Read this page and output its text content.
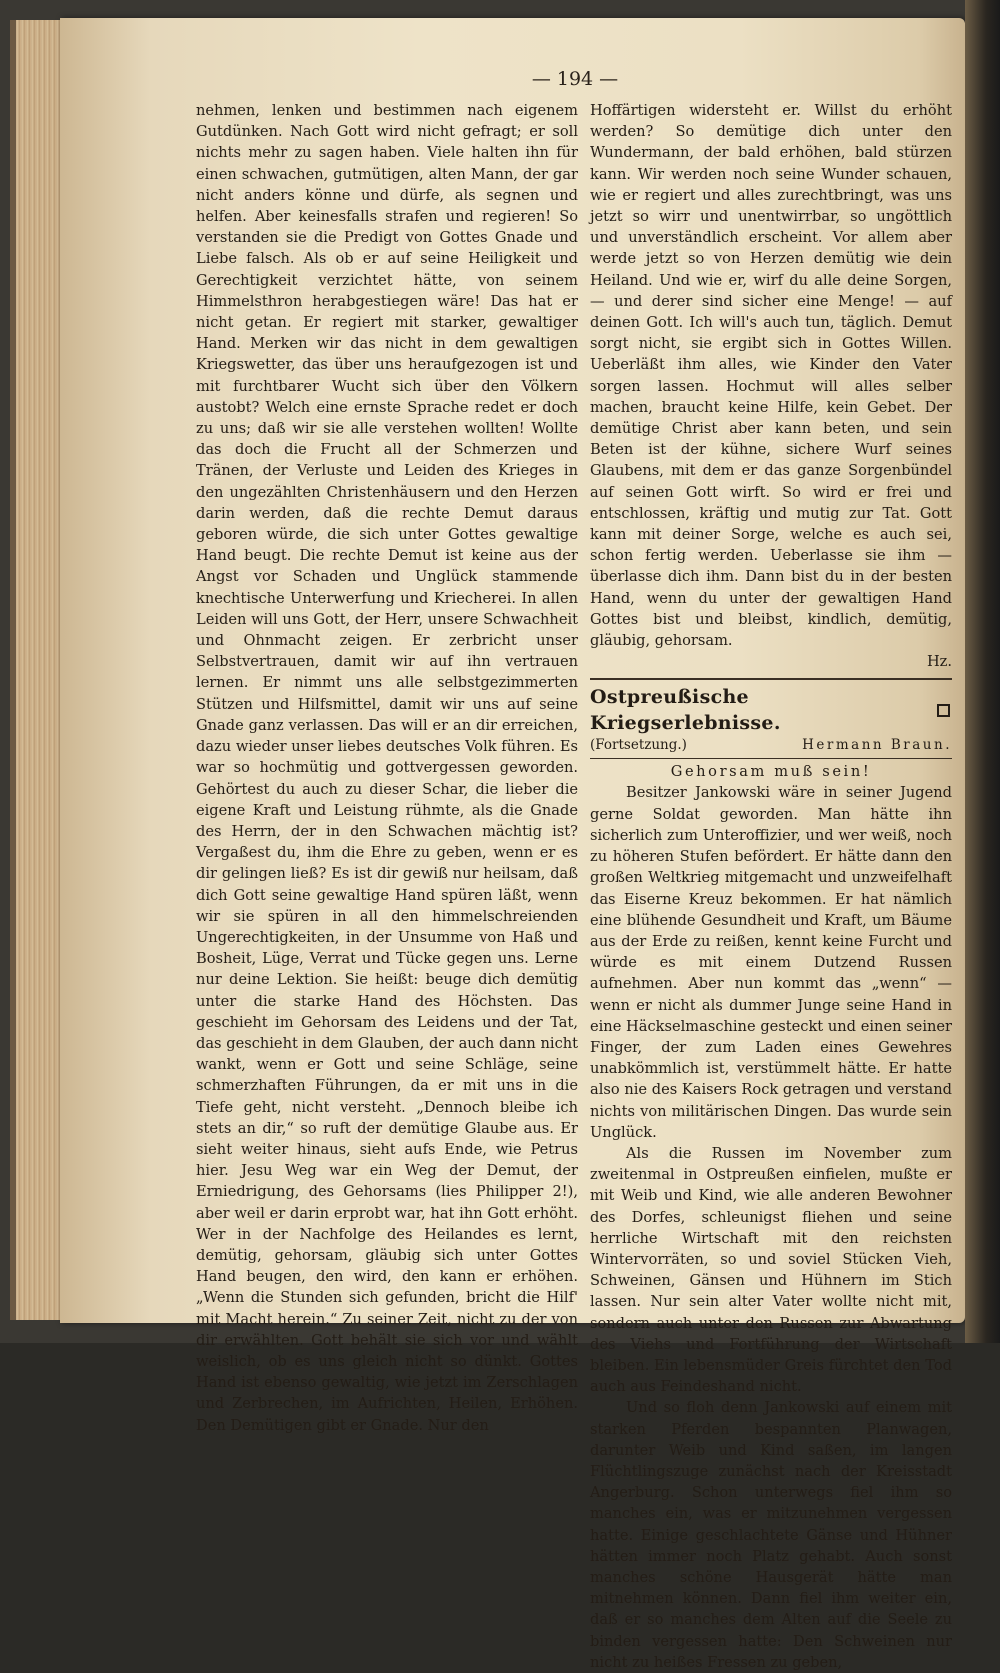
— 194 —

nehmen, lenken und bestimmen nach eigenem Gutdünken. Nach Gott wird nicht gefragt; er soll nichts mehr zu sagen haben. Viele halten ihn für einen schwachen, gutmütigen, alten Mann, der gar nicht anders könne und dürfe, als segnen und helfen. Aber keinesfalls strafen und regieren! So verstanden sie die Predigt von Gottes Gnade und Liebe falsch. Als ob er auf seine Heiligkeit und Gerechtigkeit verzichtet hätte, von seinem Himmelsthron herabgestiegen wäre! Das hat er nicht getan. Er regiert mit starker, gewaltiger Hand. Merken wir das nicht in dem gewaltigen Kriegswetter, das über uns heraufgezogen ist und mit furchtbarer Wucht sich über den Völkern austobt? Welch eine ernste Sprache redet er doch zu uns; daß wir sie alle verstehen wollten! Wollte das doch die Frucht all der Schmerzen und Tränen, der Verluste und Leiden des Krieges in den ungezählten Christenhäusern und den Herzen darin werden, daß die rechte Demut daraus geboren würde, die sich unter Gottes gewaltige Hand beugt. Die rechte Demut ist keine aus der Angst vor Schaden und Unglück stammende knechtische Unterwerfung und Kriecherei. In allen Leiden will uns Gott, der Herr, unsere Schwachheit und Ohnmacht zeigen. Er zerbricht unser Selbstvertrauen, damit wir auf ihn vertrauen lernen. Er nimmt uns alle selbstgezimmerten Stützen und Hilfsmittel, damit wir uns auf seine Gnade ganz verlassen. Das will er an dir erreichen, dazu wieder unser liebes deutsches Volk führen. Es war so hochmütig und gottvergessen geworden. Gehörtest du auch zu dieser Schar, die lieber die eigene Kraft und Leistung rühmte, als die Gnade des Herrn, der in den Schwachen mächtig ist? Vergaßest du, ihm die Ehre zu geben, wenn er es dir gelingen ließ? Es ist dir gewiß nur heilsam, daß dich Gott seine gewaltige Hand spüren läßt, wenn wir sie spüren in all den himmelschreienden Ungerechtigkeiten, in der Unsumme von Haß und Bosheit, Lüge, Verrat und Tücke gegen uns. Lerne nur deine Lektion. Sie heißt: beuge dich demütig unter die starke Hand des Höchsten. Das geschieht im Gehorsam des Leidens und der Tat, das geschieht in dem Glauben, der auch dann nicht wankt, wenn er Gott und seine Schläge, seine schmerzhaften Führungen, da er mit uns in die Tiefe geht, nicht versteht. „Dennoch bleibe ich stets an dir,“ so ruft der demütige Glaube aus. Er sieht weiter hinaus, sieht aufs Ende, wie Petrus hier. Jesu Weg war ein Weg der Demut, der Erniedrigung, des Gehorsams (lies Philipper 2!), aber weil er darin erprobt war, hat ihn Gott erhöht. Wer in der Nachfolge des Heilandes es lernt, demütig, gehorsam, gläubig sich unter Gottes Hand beugen, den wird, den kann er erhöhen. „Wenn die Stunden sich gefunden, bricht die Hilf' mit Macht herein.“ Zu seiner Zeit, nicht zu der von dir erwählten. Gott behält sie sich vor und wählt weislich, ob es uns gleich nicht so dünkt. Gottes Hand ist ebenso gewaltig, wie jetzt im Zerschlagen und Zerbrechen, im Aufrichten, Heilen, Erhöhen. Den Demütigen gibt er Gnade. Nur den

Hoffärtigen widersteht er. Willst du erhöht werden? So demütige dich unter den Wundermann, der bald erhöhen, bald stürzen kann. Wir werden noch seine Wunder schauen, wie er regiert und alles zurechtbringt, was uns jetzt so wirr und unentwirrbar, so ungöttlich und unverständlich erscheint. Vor allem aber werde jetzt so von Herzen demütig wie dein Heiland. Und wie er, wirf du alle deine Sorgen, — und derer sind sicher eine Menge! — auf deinen Gott. Ich will's auch tun, täglich. Demut sorgt nicht, sie ergibt sich in Gottes Willen. Ueberläßt ihm alles, wie Kinder den Vater sorgen lassen. Hochmut will alles selber machen, braucht keine Hilfe, kein Gebet. Der demütige Christ aber kann beten, und sein Beten ist der kühne, sichere Wurf seines Glaubens, mit dem er das ganze Sorgenbündel auf seinen Gott wirft. So wird er frei und entschlossen, kräftig und mutig zur Tat. Gott kann mit deiner Sorge, welche es auch sei, schon fertig werden. Ueberlasse sie ihm — überlasse dich ihm. Dann bist du in der besten Hand, wenn du unter der gewaltigen Hand Gottes bist und bleibst, kindlich, demütig, gläubig, gehorsam.

Hz.
Ostpreußische Kriegserlebnisse.
(Fortsetzung.)	Hermann Braun.
Gehorsam muß sein!

Besitzer Jankowski wäre in seiner Jugend gerne Soldat geworden. Man hätte ihn sicherlich zum Unteroffizier, und wer weiß, noch zu höheren Stufen befördert. Er hätte dann den großen Weltkrieg mitgemacht und unzweifelhaft das Eiserne Kreuz bekommen. Er hat nämlich eine blühende Gesundheit und Kraft, um Bäume aus der Erde zu reißen, kennt keine Furcht und würde es mit einem Dutzend Russen aufnehmen. Aber nun kommt das „wenn“ — wenn er nicht als dummer Junge seine Hand in eine Häckselmaschine gesteckt und einen seiner Finger, der zum Laden eines Gewehres unabkömmlich ist, verstümmelt hätte. Er hatte also nie des Kaisers Rock getragen und verstand nichts von militärischen Dingen. Das wurde sein Unglück.

Als die Russen im November zum zweitenmal in Ostpreußen einfielen, mußte er mit Weib und Kind, wie alle anderen Bewohner des Dorfes, schleunigst fliehen und seine herrliche Wirtschaft mit den reichsten Wintervorräten, so und soviel Stücken Vieh, Schweinen, Gänsen und Hühnern im Stich lassen. Nur sein alter Vater wollte nicht mit, sondern auch unter den Russen zur Abwartung des Viehs und Fortführung der Wirtschaft bleiben. Ein lebensmüder Greis fürchtet den Tod auch aus Feindeshand nicht.

Und so floh denn Jankowski auf einem mit starken Pferden bespannten Planwagen, darunter Weib und Kind saßen, im langen Flüchtlingszuge zunächst nach der Kreisstadt Angerburg. Schon unterwegs fiel ihm so manches ein, was er mitzunehmen vergessen hatte. Einige geschlachtete Gänse und Hühner hätten immer noch Platz gehabt. Auch sonst manches schöne Hausgerät hätte man mitnehmen können. Dann fiel ihm weiter ein, daß er so manches dem Alten auf die Seele zu binden vergessen hatte: Den Schweinen nur nicht zu heißes Fressen zu geben,
